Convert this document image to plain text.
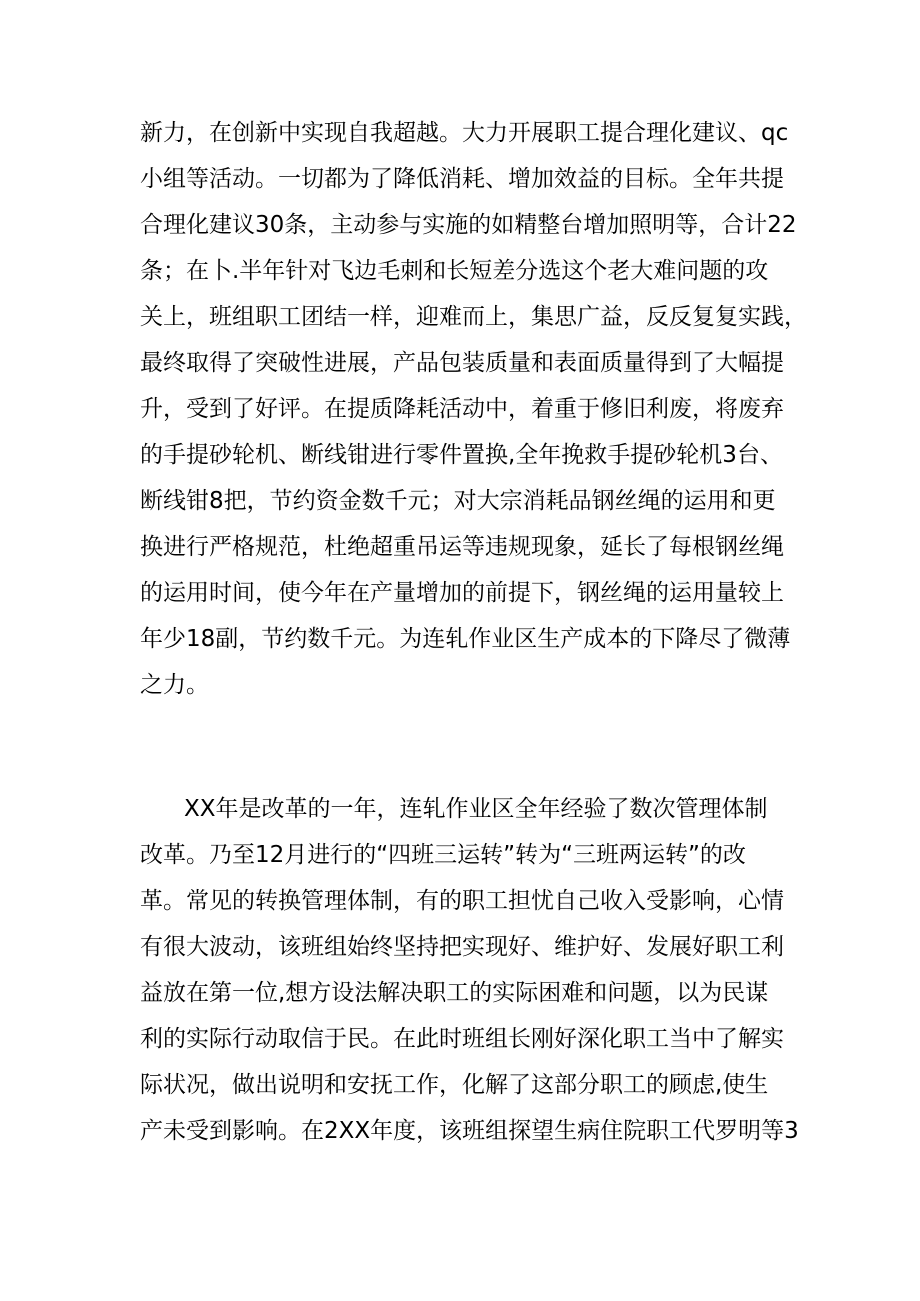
新力，在创新中实现自我超越。大力开展职工提合理化建议、qc
小组等活动。一切都为了降低消耗、增加效益的目标。全年共提
合理化建议30条，主动参与实施的如精整台增加照明等，合计22
条；在卜.半年针对飞边毛刺和长短差分选这个老大难问题的攻
关上，班组职工团结一样，迎难而上，集思广益，反反复复实践，
最终取得了突破性进展，产品包装质量和表面质量得到了大幅提
升，受到了好评。在提质降耗活动中，着重于修旧利废，将废弃
的手提砂轮机、断线钳进行零件置换,全年挽救手提砂轮机3台、
断线钳8把，节约资金数千元；对大宗消耗品钢丝绳的运用和更
换进行严格规范，杜绝超重吊运等违规现象，延长了每根钢丝绳
的运用时间，使今年在产量增加的前提下，钢丝绳的运用量较上
年少18副，节约数千元。为连轧作业区生产成本的下降尽了微薄
之力。
XX年是改革的一年，连轧作业区全年经验了数次管理体制
改革。乃至12月进行的“四班三运转”转为“三班两运转”的改
革。常见的转换管理体制，有的职工担忧自己收入受影响，心情
有很大波动，该班组始终坚持把实现好、维护好、发展好职工利
益放在第一位,想方设法解决职工的实际困难和问题，以为民谋
利的实际行动取信于民。在此时班组长刚好深化职工当中了解实
际状况，做出说明和安抚工作，化解了这部分职工的顾虑,使生
产未受到影响。在2XX年度，该班组探望生病住院职工代罗明等3
